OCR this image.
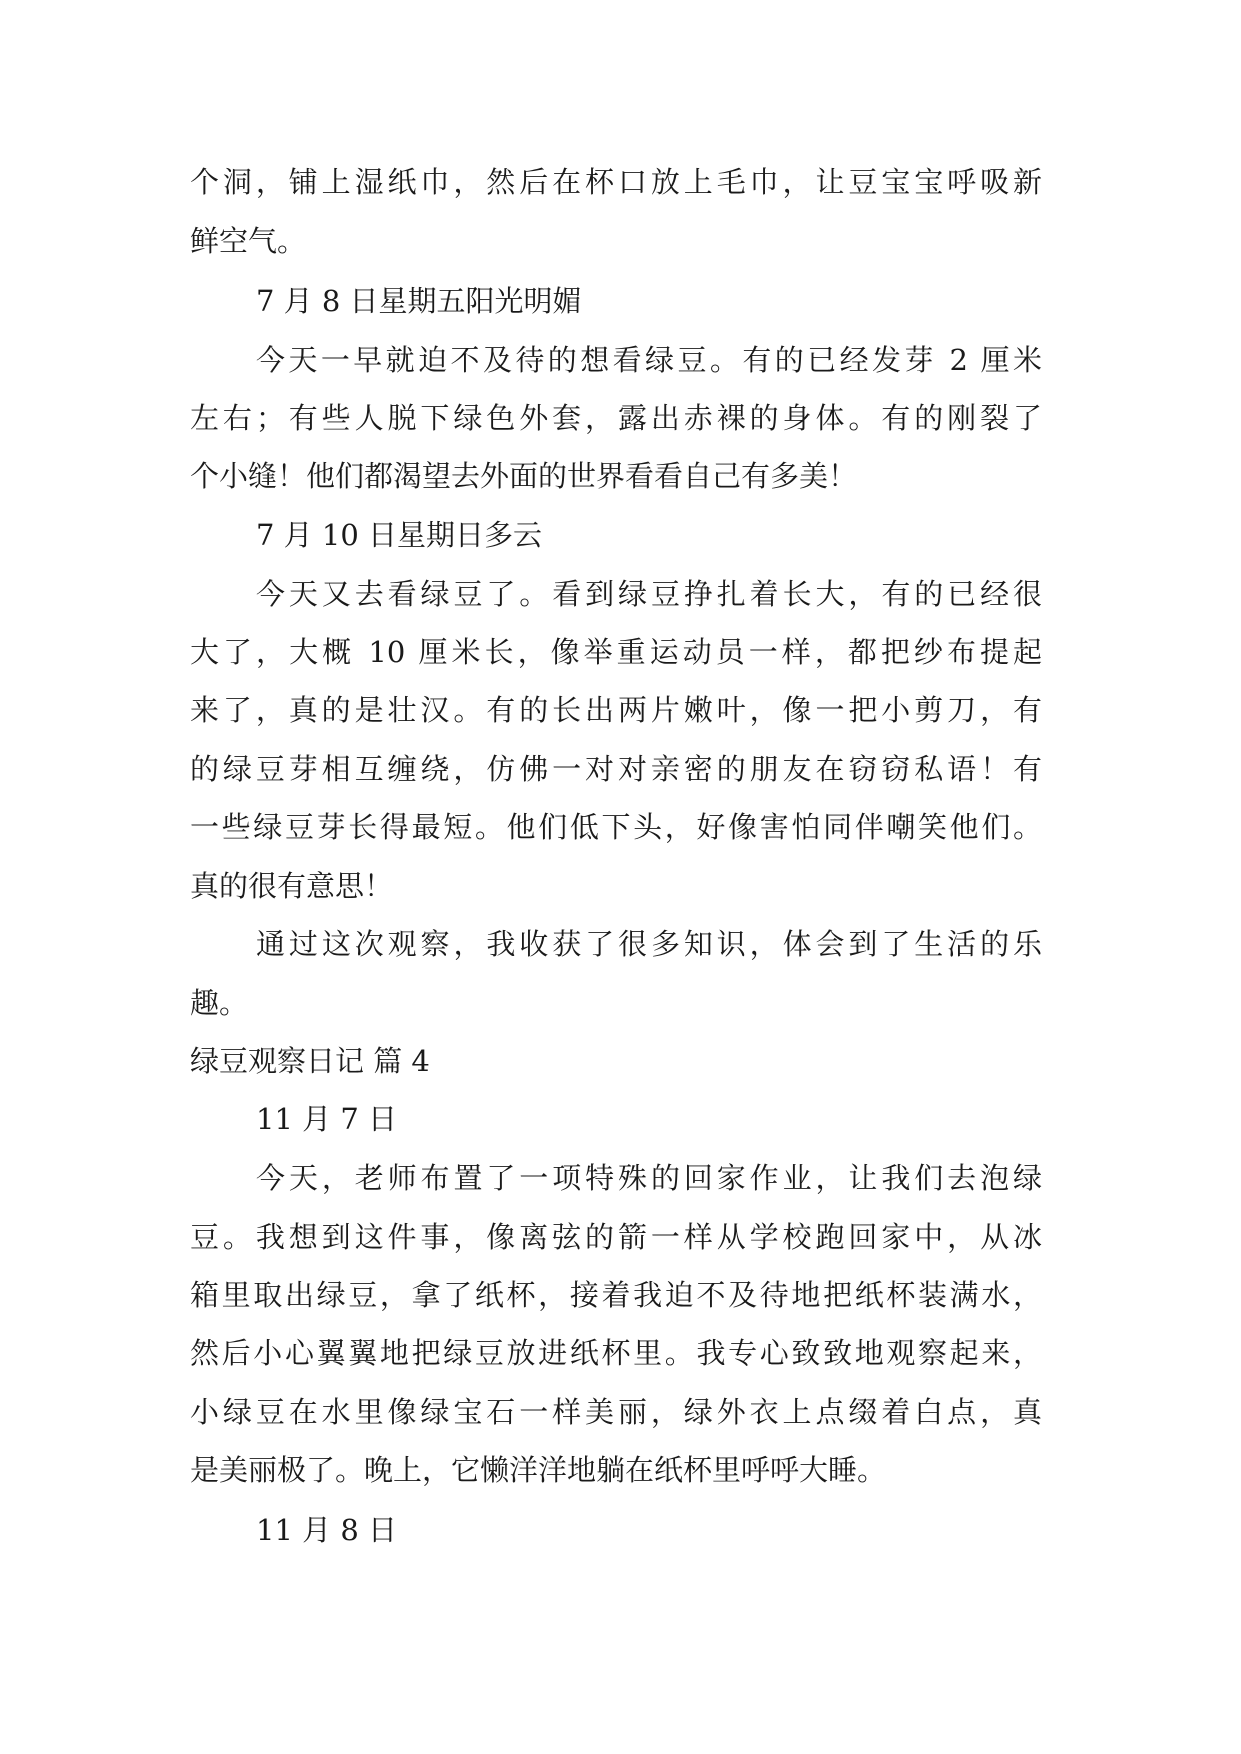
个洞，铺上湿纸巾，然后在杯口放上毛巾，让豆宝宝呼吸新
鲜空气。
7 月 8 日星期五阳光明媚
今天一早就迫不及待的想看绿豆。有的已经发芽 2 厘米
左右；有些人脱下绿色外套，露出赤裸的身体。有的刚裂了
个小缝！他们都渴望去外面的世界看看自己有多美！
7 月 10 日星期日多云
今天又去看绿豆了。看到绿豆挣扎着长大，有的已经很
大了，大概 10 厘米长，像举重运动员一样，都把纱布提起
来了，真的是壮汉。有的长出两片嫩叶，像一把小剪刀，有
的绿豆芽相互缠绕，仿佛一对对亲密的朋友在窃窃私语！有
一些绿豆芽长得最短。他们低下头，好像害怕同伴嘲笑他们。
真的很有意思！
通过这次观察，我收获了很多知识，体会到了生活的乐
趣。
绿豆观察日记 篇 4
11 月 7 日
今天，老师布置了一项特殊的回家作业，让我们去泡绿
豆。我想到这件事，像离弦的箭一样从学校跑回家中，从冰
箱里取出绿豆，拿了纸杯，接着我迫不及待地把纸杯装满水，
然后小心翼翼地把绿豆放进纸杯里。我专心致致地观察起来，
小绿豆在水里像绿宝石一样美丽，绿外衣上点缀着白点，真
是美丽极了。晚上，它懒洋洋地躺在纸杯里呼呼大睡。
11 月 8 日
